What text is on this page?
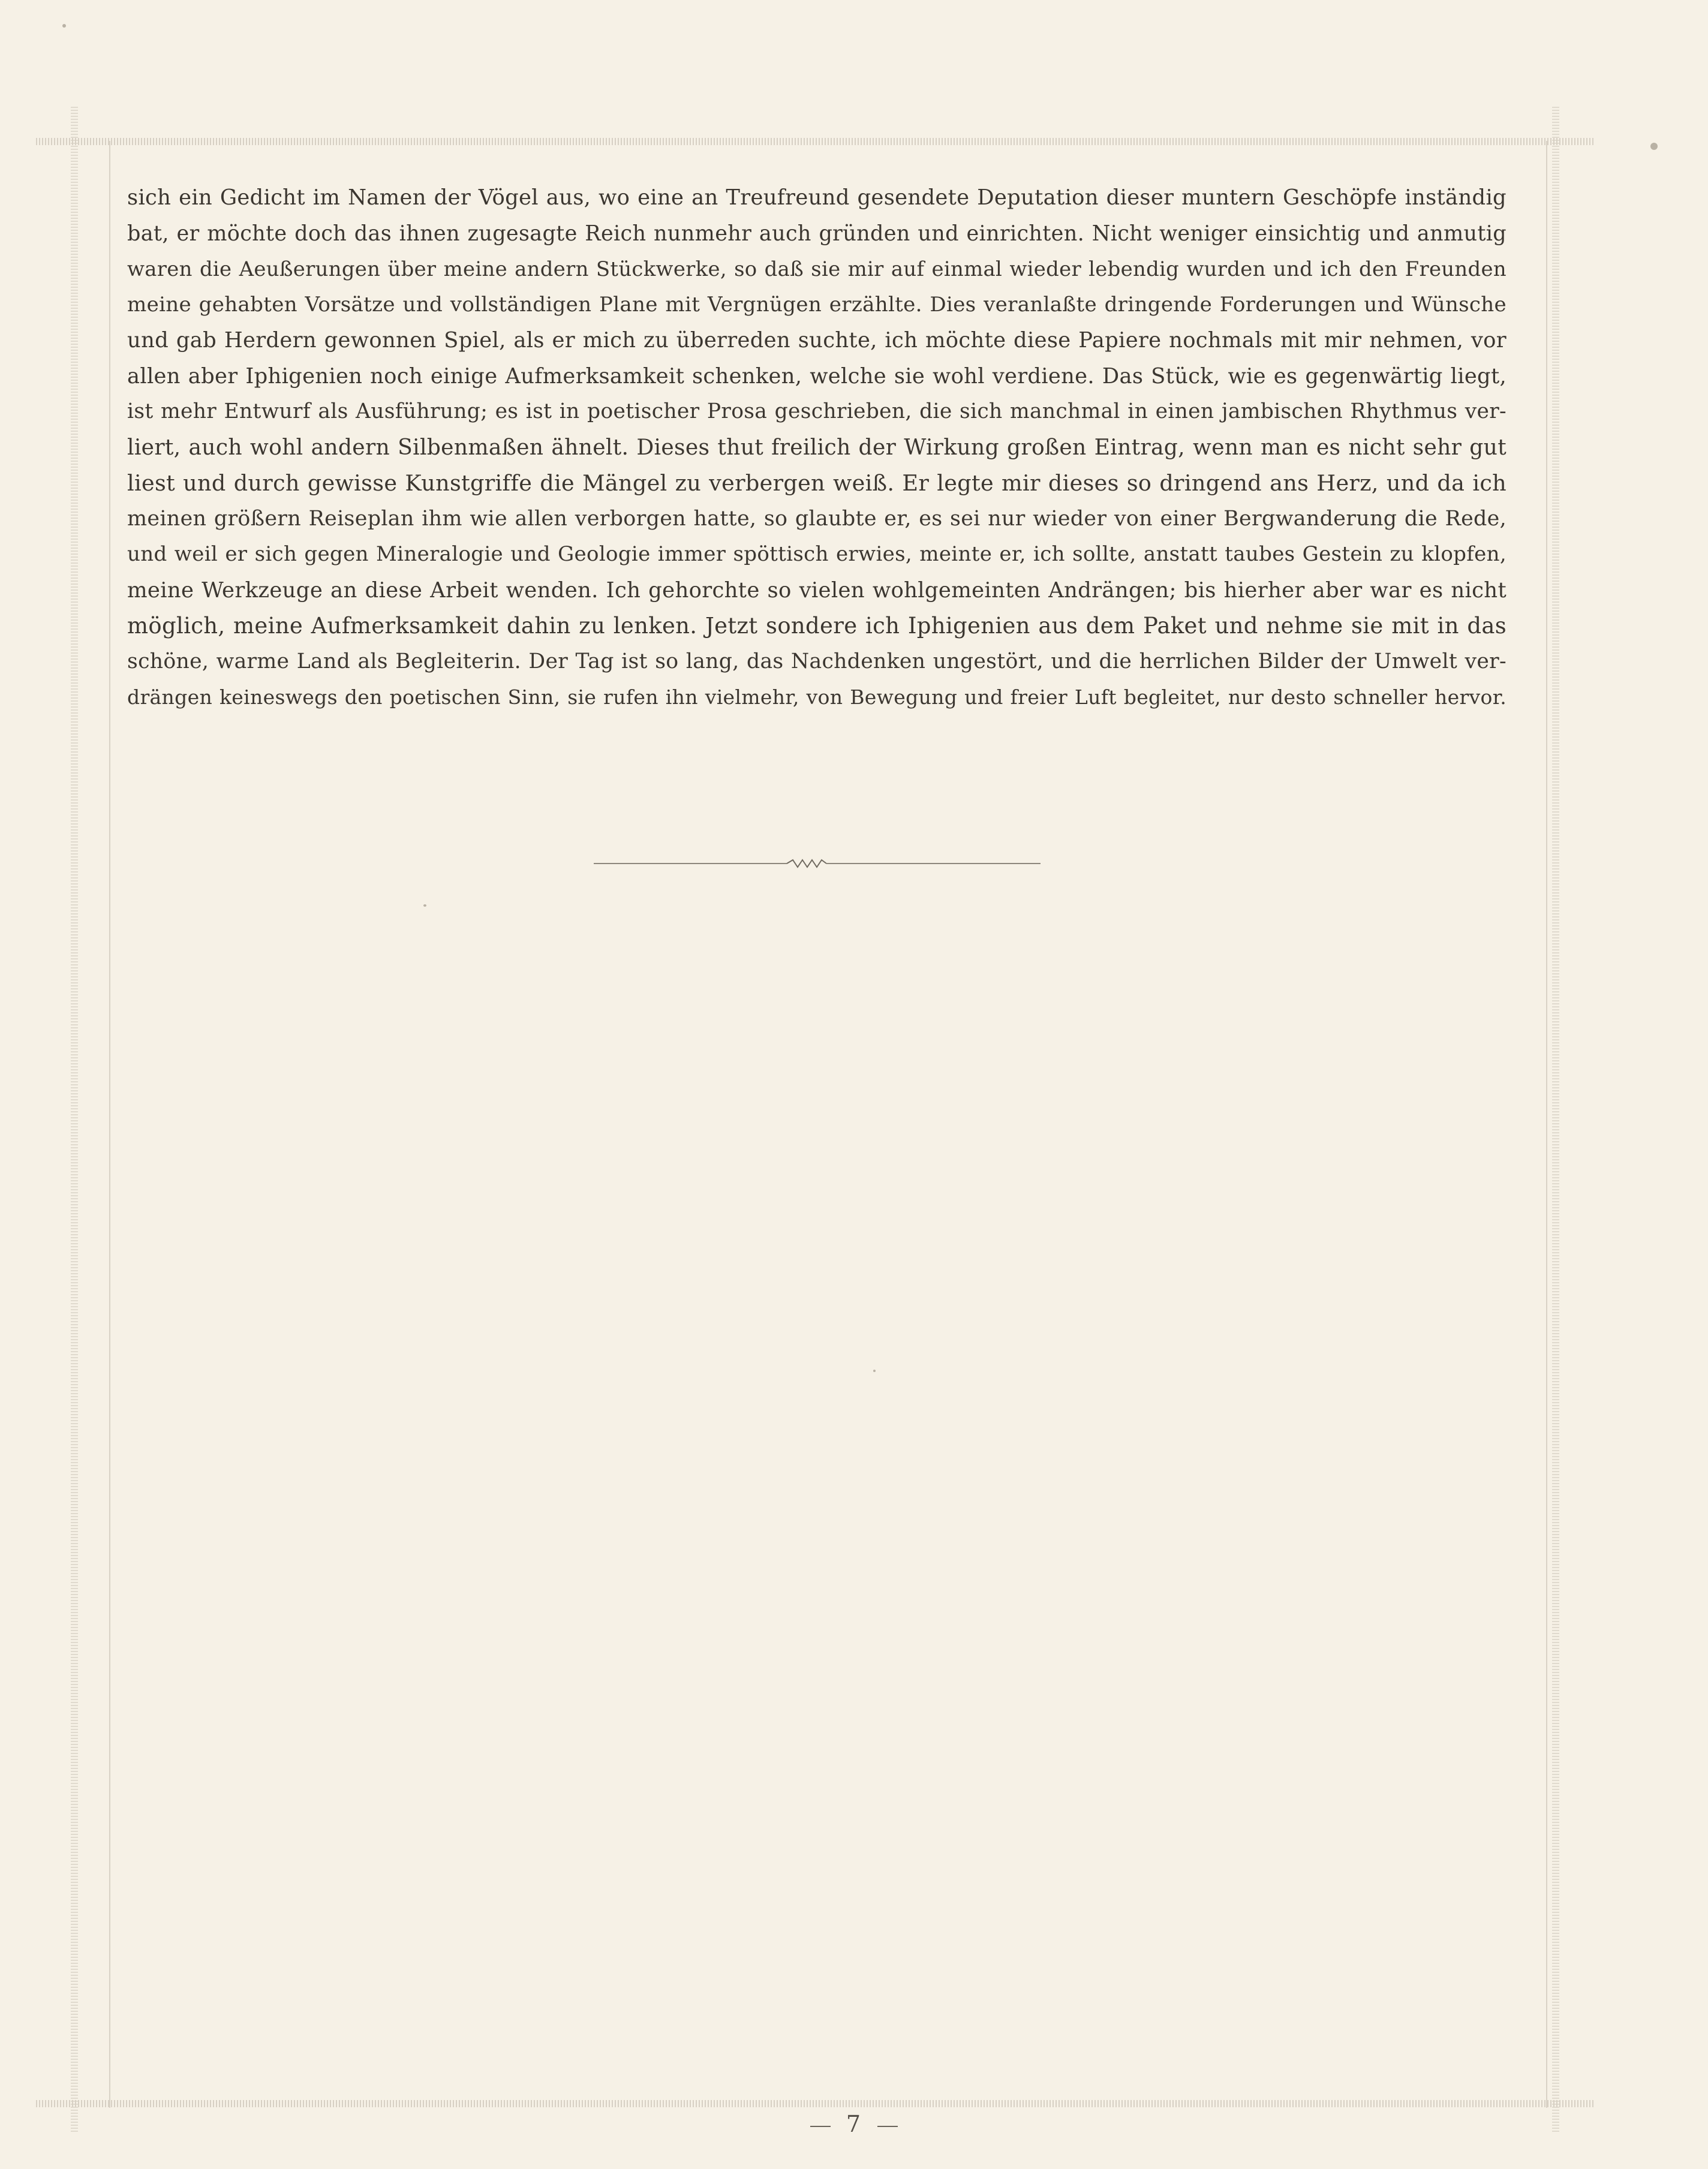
sich ein Gedicht im Namen der Vögel aus, wo eine an Treufreund gesendete Deputation dieser muntern Geschöpfe inständig
bat, er möchte doch das ihnen zugesagte Reich nunmehr auch gründen und einrichten. Nicht weniger einsichtig und anmutig
waren die Aeußerungen über meine andern Stückwerke, so daß sie mir auf einmal wieder lebendig wurden und ich den Freunden
meine gehabten Vorsätze und vollständigen Plane mit Vergnügen erzählte. Dies veranlaßte dringende Forderungen und Wünsche
und gab Herdern gewonnen Spiel, als er mich zu überreden suchte, ich möchte diese Papiere nochmals mit mir nehmen, vor
allen aber Iphigenien noch einige Aufmerksamkeit schenken, welche sie wohl verdiene. Das Stück, wie es gegenwärtig liegt,
ist mehr Entwurf als Ausführung; es ist in poetischer Prosa geschrieben, die sich manchmal in einen jambischen Rhythmus ver-
liert, auch wohl andern Silbenmaßen ähnelt. Dieses thut freilich der Wirkung großen Eintrag, wenn man es nicht sehr gut
liest und durch gewisse Kunstgriffe die Mängel zu verbergen weiß. Er legte mir dieses so dringend ans Herz, und da ich
meinen größern Reiseplan ihm wie allen verborgen hatte, so glaubte er, es sei nur wieder von einer Bergwanderung die Rede,
und weil er sich gegen Mineralogie und Geologie immer spöttisch erwies, meinte er, ich sollte, anstatt taubes Gestein zu klopfen,
meine Werkzeuge an diese Arbeit wenden. Ich gehorchte so vielen wohlgemeinten Andrängen; bis hierher aber war es nicht
möglich, meine Aufmerksamkeit dahin zu lenken. Jetzt sondere ich Iphigenien aus dem Paket und nehme sie mit in das
schöne, warme Land als Begleiterin. Der Tag ist so lang, das Nachdenken ungestört, und die herrlichen Bilder der Umwelt ver-
drängen keineswegs den poetischen Sinn, sie rufen ihn vielmehr, von Bewegung und freier Luft begleitet, nur desto schneller hervor.
7
